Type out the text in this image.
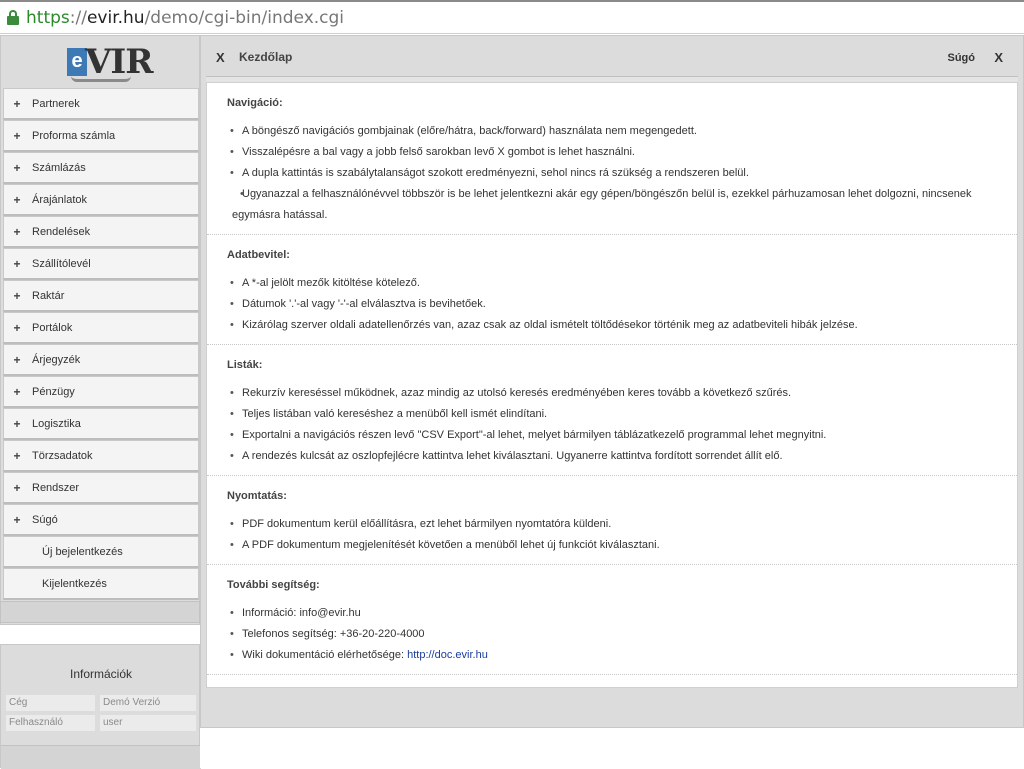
https://evir.hu/demo/cgi-bin/index.cgi
e VIR
+	Partnerek
+	Proforma számla
+	Számlázás
+	Árajánlatok
+	Rendelések
+	Szállítólevél
+	Raktár
+	Portálok
+	Árjegyzék
+	Pénzügy
+	Logisztika
+	Törzsadatok
+	Rendszer
+	Súgó
Új bejelentkezés
Kijelentkezés
Információk
Cég	Demó Verzió
Felhasználó	user
X Kezdőlap	Súgó X
Navigáció:
• A böngésző navigációs gombjainak (előre/hátra, back/forward) használata nem megengedett.
• Visszalépésre a bal vagy a jobb felső sarokban levő X gombot is lehet használni.
• A dupla kattintás is szabálytalanságot szokott eredményezni, sehol nincs rá szükség a rendszeren belül.
• Ugyanazzal a felhasználónévvel többször is be lehet jelentkezni akár egy gépen/böngészőn belül is, ezekkel párhuzamosan lehet dolgozni, nincsenek egymásra hatással.
Adatbevitel:
• A *-al jelölt mezők kitöltése kötelező.
• Dátumok '.'-al vagy '-'-al elválasztva is bevihetőek.
• Kizárólag szerver oldali adatellenőrzés van, azaz csak az oldal ismételt töltődésekor történik meg az adatbeviteli hibák jelzése.
Listák:
• Rekurzív kereséssel működnek, azaz mindig az utolsó keresés eredményében keres tovább a következő szűrés.
• Teljes listában való kereséshez a menüből kell ismét elindítani.
• Exportalni a navigációs részen levő "CSV Export"-al lehet, melyet bármilyen táblázatkezelő programmal lehet megnyitni.
• A rendezés kulcsát az oszlopfejlécre kattintva lehet kiválasztani. Ugyanerre kattintva fordított sorrendet állít elő.
Nyomtatás:
• PDF dokumentum kerül előállításra, ezt lehet bármilyen nyomtatóra küldeni.
• A PDF dokumentum megjelenítését követően a menüből lehet új funkciót kiválasztani.
További segítség:
• Információ: info@evir.hu
• Telefonos segítség: +36-20-220-4000
• Wiki dokumentáció elérhetősége: http://doc.evir.hu
